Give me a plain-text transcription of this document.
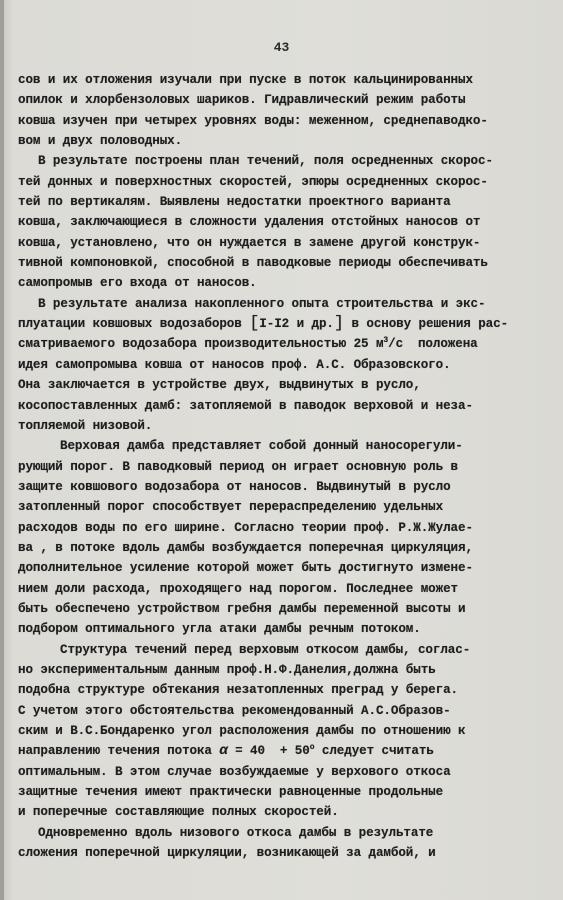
43
сов и их отложения изучали при пуске в поток кальцинированных
опилок и хлорбензоловых шариков. Гидравлический режим работы
ковша изучен при четырех уровнях воды: меженном, среднепаводко-
вом и двух половодных.
В результате построены план течений, поля осредненных скорос-
тей донных и поверхностных скоростей, эпюры осредненных скорос-
тей по вертикалям. Выявлены недостатки проектного варианта
ковша, заключающиеся в сложности удаления отстойных наносов от
ковша, установлено, что он нуждается в замене другой конструк-
тивной компоновкой, способной в паводковые периоды обеспечивать
самопромыв его входа от наносов.
В результате анализа накопленного опыта строительства и экс-
плуатации ковшовых водозаборов [I-I2 и др.] в основу решения рас-
сматриваемого водозабора производительностью 25 $м^3/с$  положена
идея самопромыва ковша от наносов проф. А.С. Образовского.
Она заключается в устройстве двух, выдвинутых в русло,
косопоставленных дамб: затопляемой в паводок верховой и неза-
топляемой низовой.
Верховая дамба представляет собой донный наносорегули-
рующий порог. В паводковый период он играет основную роль в
защите ковшового водозабора от наносов. Выдвинутый в русло
затопленный порог способствует перераспределению удельных
расходов воды по его ширине. Согласно теории проф. Р.Ж.Жулае-
ва , в потоке вдоль дамбы возбуждается поперечная циркуляция,
дополнительное усиление которой может быть достигнуто измене-
нием доли расхода, проходящего над порогом. Последнее может
быть обеспечено устройством гребня дамбы переменной высоты и
подбором оптимального угла атаки дамбы речным потоком.
Структура течений перед верховым откосом дамбы, соглас-
но экспериментальным данным проф.Н.Ф.Данелия,должна быть
подобна структуре обтекания незатопленных преград у берега.
С учетом этого обстоятельства рекомендованный А.С.Образов-
ским и В.С.Бондаренко угол расположения дамбы по отношению к
направлению течения потока $\alpha = 40 + 50^o$ следует считать
оптимальным. В этом случае возбуждаемые у верхового откоса
защитные течения имеют практически равноценные продольные
и поперечные составляющие полных скоростей.
Одновременно вдоль низового откоса дамбы в результате
сложения поперечной циркуляции, возникающей за дамбой, и
